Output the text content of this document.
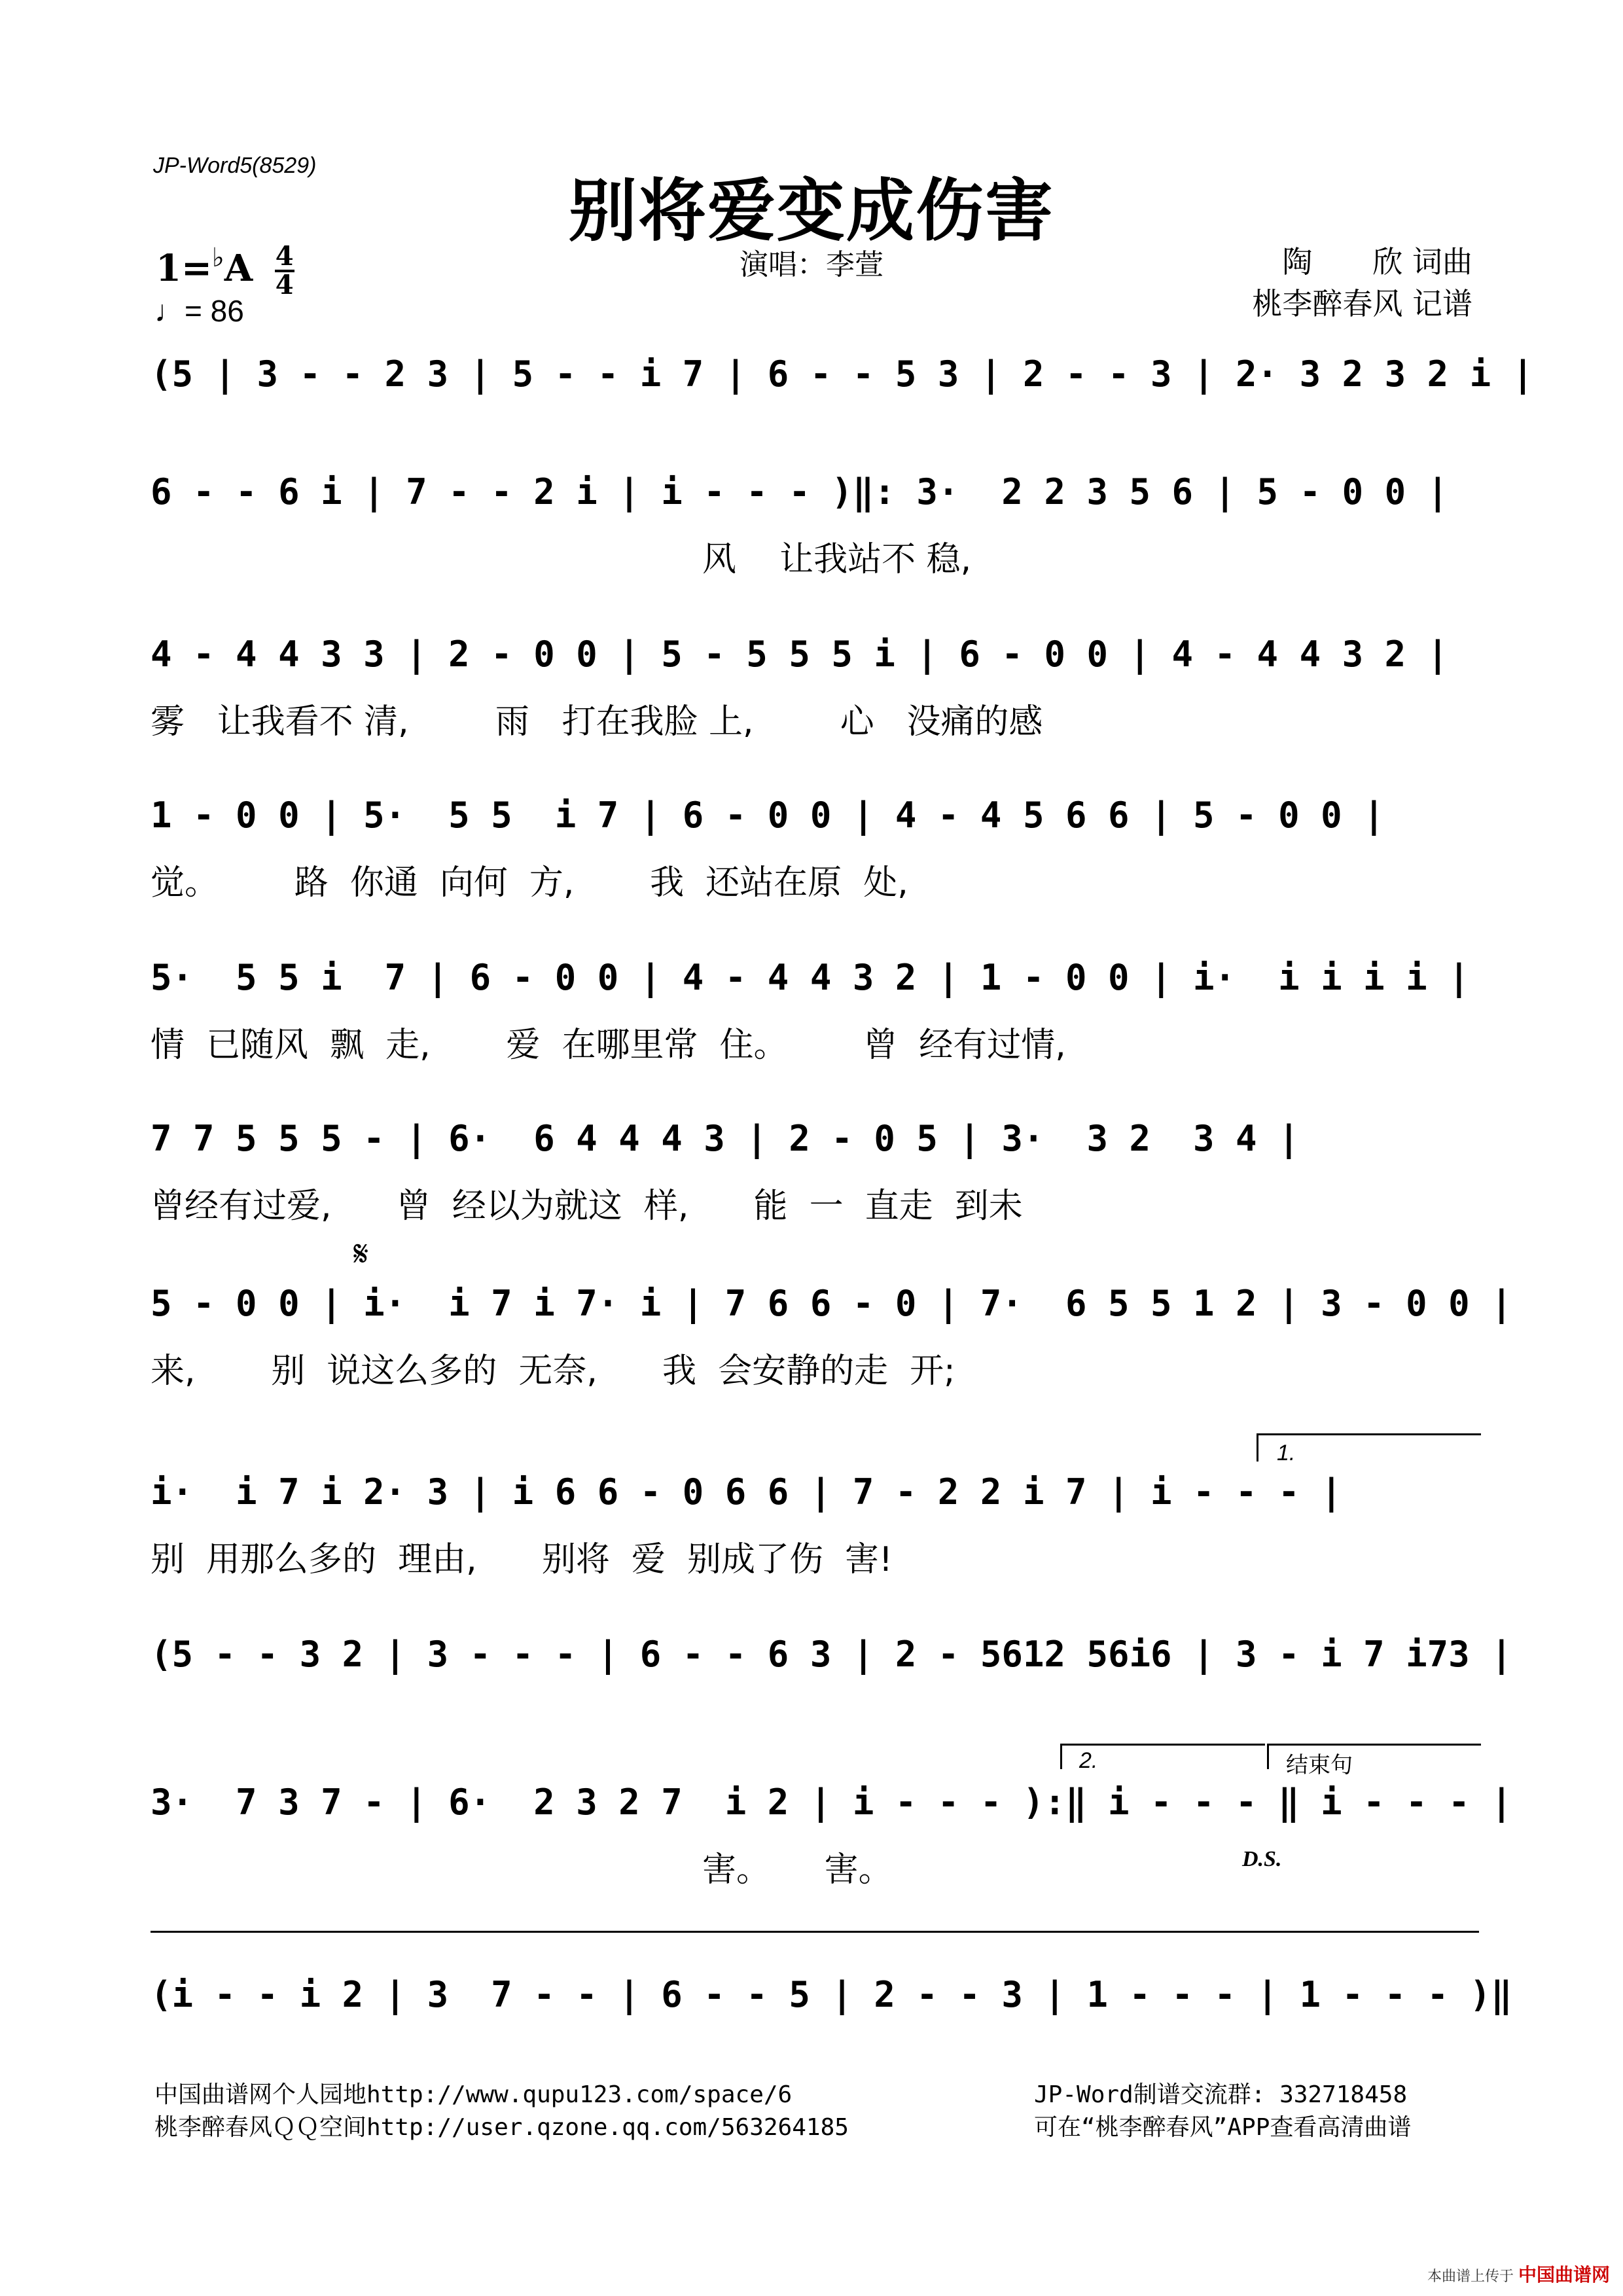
JP-Word5(8529)
别将爱变成伤害
$1=^♭A \frac{4}{4}$
♩= 86
演唱：李萱	陶　　欣 词曲
桃李醉春风 记谱
(5 | 3 - - 2 3 | 5 - - i 7 | 6 - - 5 3 | 2 - - 3 | 2· 3 2 3 2 i |
6 - - 6 i | 7 - - 2 i | i - - - )‖: 3·  2 2 3 5 6 | 5 - 0 0 |
风    让我站不 稳,
4 - 4 4 3 3 | 2 - 0 0 | 5 - 5 5 5 i | 6 - 0 0 | 4 - 4 4 3 2 |
雾   让我看不 清,        雨   打在我脸 上,        心   没痛的感
1 - 0 0 | 5·  5 5  i 7 | 6 - 0 0 | 4 - 4 5 6 6 | 5 - 0 0 |
觉。       路  你通  向何  方,       我  还站在原  处,
5·  5 5 i  7 | 6 - 0 0 | 4 - 4 4 3 2 | 1 - 0 0 | i·  i i i i |
情  已随风  飘  走,       爱  在哪里常  住。       曾  经有过情,
7 7 5 5 5 - | 6·  6 4 4 4 3 | 2 - 0 5 | 3·  3 2  3 4 |
曾经有过爱,      曾  经以为就这  样,      能  一  直走  到未
𝄋
5 - 0 0 | i·  i 7 i 7· i | 7 6 6 - 0 | 7·  6 5 5 1 2 | 3 - 0 0 |
来,       别  说这么多的  无奈,      我  会安静的走  开;
1.
i·  i 7 i 2· 3 | i 6 6 - 0 6 6 | 7 - 2 2 i 7 | i - - - |
别  用那么多的  理由,      别将  爱  别成了伤  害!
(5 - - 3 2 | 3 - - - | 6 - - 6 3 | 2 - 5612 56i6 | 3 - i 7 i73 |
2.	结束句
3·  7 3 7 - | 6·  2 3 2 7  i 2 | i - - - ):‖ i - - - ‖ i - - - |
害。     害。	D.S.
(i - - i 2 | 3  7 - - | 6 - - 5 | 2 - - 3 | 1 - - - | 1 - - - )‖
中国曲谱网个人园地http://www.qupu123.com/space/6
桃李醉春风ＱＱ空间http://user.qzone.qq.com/563264185
JP-Word制谱交流群: 332718458
可在“桃李醉春风”APP查看高清曲谱
本曲谱上传于 中国曲谱网
